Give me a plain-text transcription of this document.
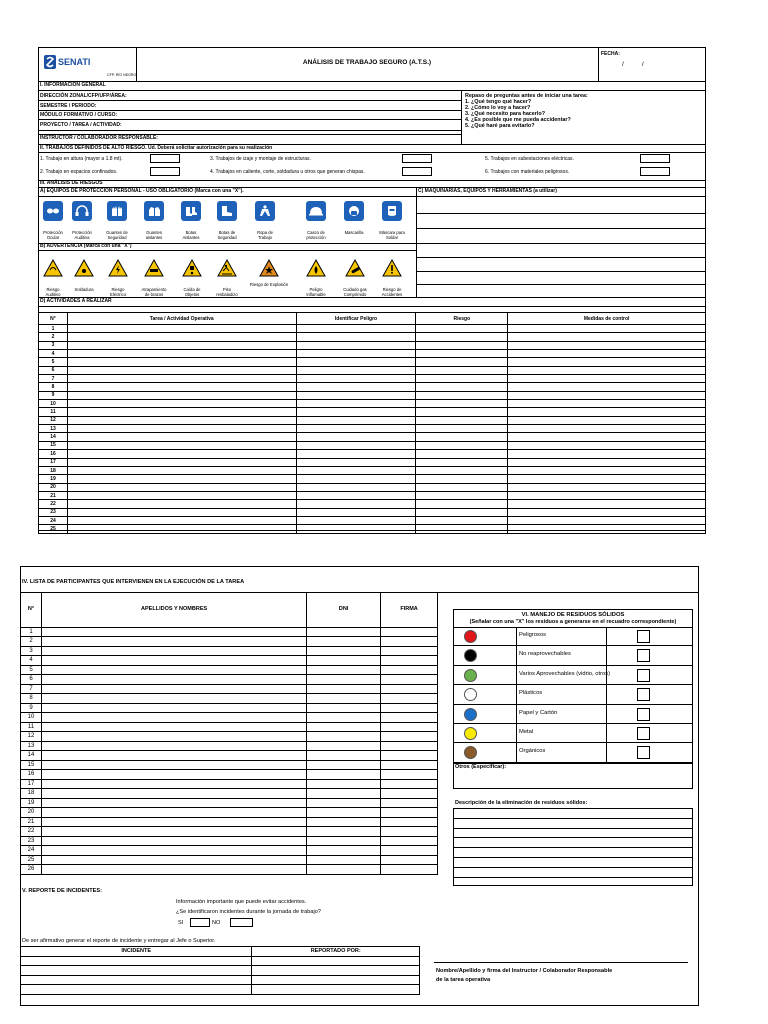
SENATI
CFP. RÍO NEGRO
ANÁLISIS DE TRABAJO SEGURO (A.T.S.)
FECHA:
/          /
I. INFORMACIÓN GENERAL
DIRECCIÓN ZONAL/CFP/UFP/ÁREA:
SEMESTRE / PERIODO:
MÓDULO FORMATIVO / CURSO:
PROYECTO / TAREA / ACTIVIDAD:
INSTRUCTOR / COLABORADOR RESPONSABLE:
Repaso de preguntas antes de iniciar una tarea:
1. ¿Qué tengo qué hacer?
2. ¿Cómo lo voy a hacer?
3. ¿Qué necesito para hacerlo?
4. ¿Es posible que me pueda accidentar?
5. ¿Qué haré para evitarlo?
II. TRABAJOS DEFINIDOS DE ALTO RIESGO. Ud. Deberá solicitar autorización para su realización
1. Trabajo en altura (mayor a 1.8 mt).
2. Trabajo en espacios confinados.
3. Trabajos de izaje y montaje de estructuras.
4. Trabajos en caliente, corte, soldadura u otros que generan chispas.
5. Trabajos en subestaciones eléctricas.
6. Trabajos con materiales peligrosos.
III. ANÁLISIS DE RIESGOS
A) EQUIPOS DE PROTECCIÓN PERSONAL - USO OBLIGATORIO (Marca con una "X").	C) MAQUINARIAS, EQUIPOS Y HERRAMIENTAS (a utilizar)
Protección Ocular
Protección Auditiva
Guantes de Seguridad
Guantes aislantes
Botas Aislantes
Botas de Seguridad
Ropa de Trabajo
Casco de protección
Mascarilla	Máscara para Soldar
B) ADVERTENCIA (Marca con una "X")
Riesgo Auditivo
Soldadura	Riesgo Eléctrico
Atrapamiento de brazos
Caída de Objetos
Piso resbaladizo
Riesgo de Explosión
Peligro Inflamable
Cuidado gas Comprimido
Riesgo de Accidentes
D) ACTIVIDADES A REALIZAR
N°	Tarea / Actividad Operativa	Identificar Peligro	Riesgo	Medidas de control
1				
2				
3				
4				
5				
6				
7				
8				
9				
10				
11				
12				
13				
14				
15				
16				
17				
18				
19				
20				
21				
22				
23				
24				
25				
IV. LISTA DE PARTICIPANTES QUE INTERVIENEN EN LA EJECUCIÓN DE LA TAREA
N°	APELLIDOS Y NOMBRES	DNI	FIRMA
1			
2			
3			
4			
5			
6			
7			
8			
9			
10			
11			
12			
13			
14			
15			
16			
17			
18			
19			
20			
21			
22			
23			
24			
25			
26			
VI. MANEJO DE RESIDUOS SÓLIDOS
(Señalar con una "X" los residuos a generarse en el recuadro correspondiente)
Peligrosos
No reaprovechables
Varios Aprovechables (vidrio, otros)
Plásticos
Papel y Cartón
Metal
Orgánicos
Otros (Especificar):
Descripción de la eliminación de residuos sólidos:
V. REPORTE DE INCIDENTES:
Información importante que puede evitar accidentes.
¿Se identificaron incidentes durante la jornada de trabajo?
SI	NO
De ser afirmativo generar el reporte de incidente y entregar al Jefe o Superior.
INCIDENTE	REPORTADO POR:

Nombre/Apellido y firma del Instructor / Colaborador Responsable
de la tarea operativa
